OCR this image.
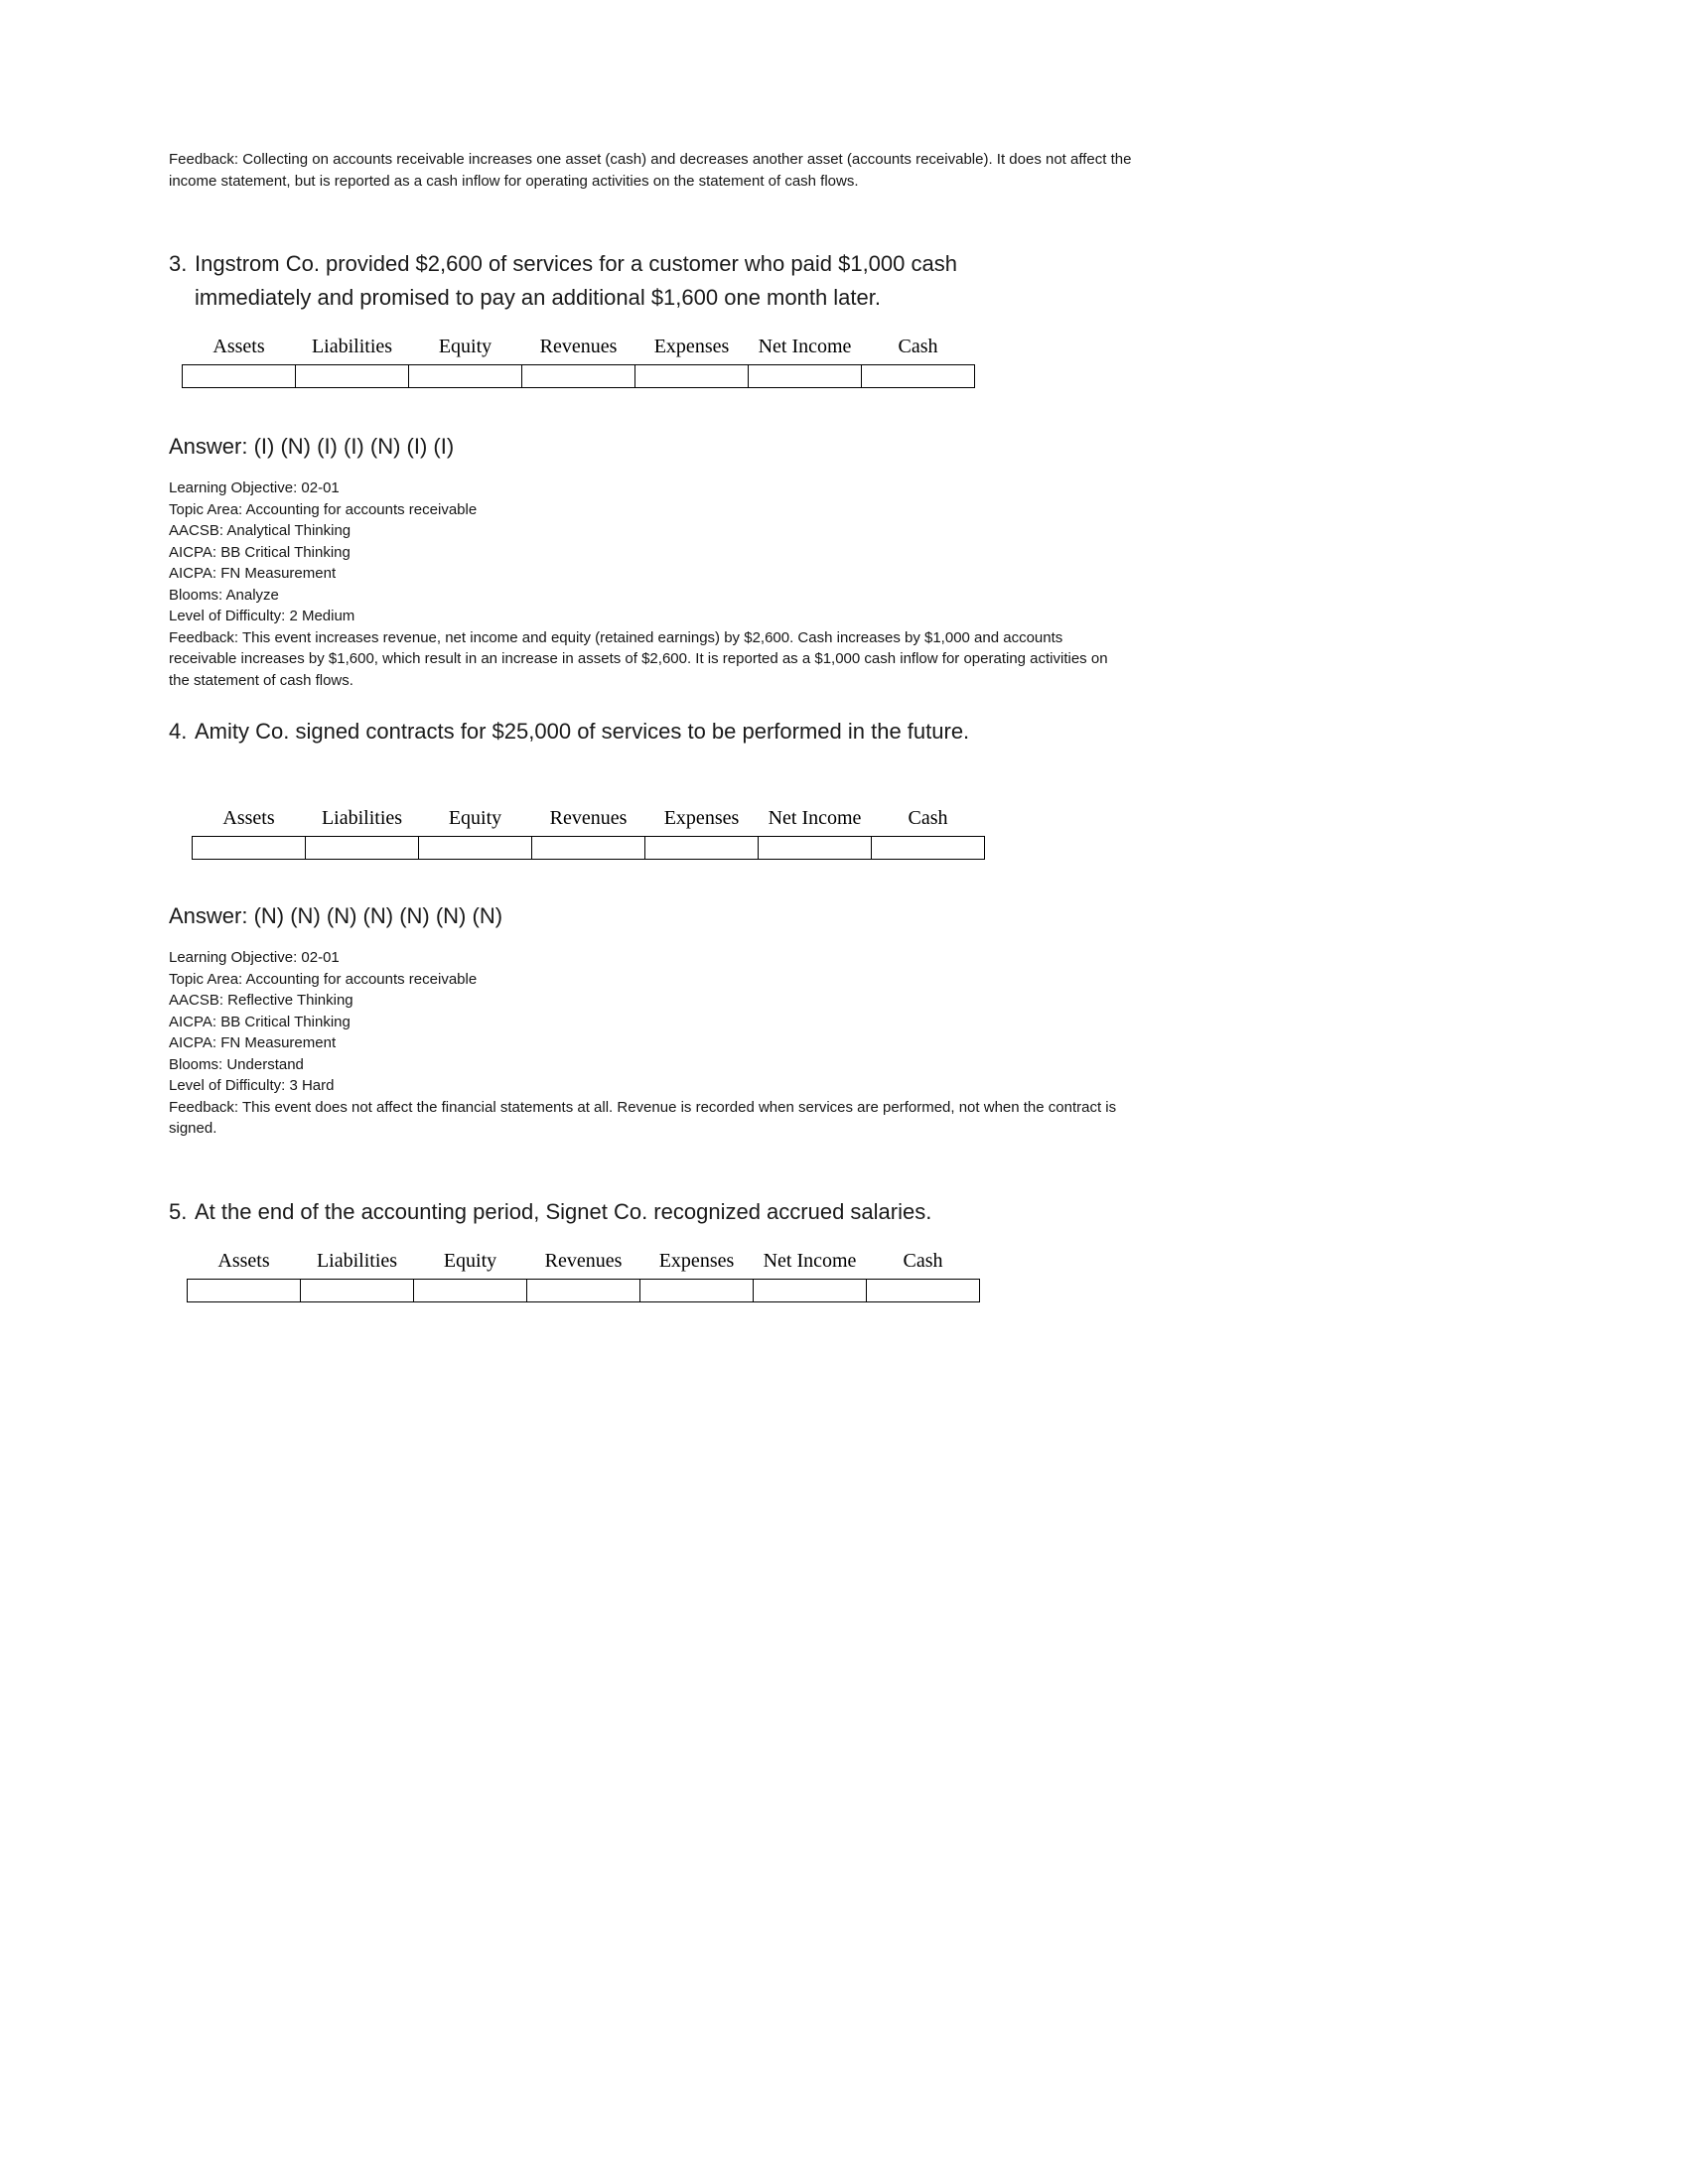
Feedback: Collecting on accounts receivable increases one asset (cash) and decreases another asset (accounts receivable). It does not affect the income statement, but is reported as a cash inflow for operating activities on the statement of cash flows.

3. Ingstrom Co. provided $2,600 of services for a customer who paid $1,000 cash immediately and promised to pay an additional $1,600 one month later.
Assets	Liabilities	Equity	Revenues	Expenses	Net Income	Cash

Answer: (I) (N) (I) (I) (N) (I) (I)

Learning Objective: 02-01
Topic Area: Accounting for accounts receivable
AACSB: Analytical Thinking
AICPA: BB Critical Thinking
AICPA: FN Measurement
Blooms: Analyze
Level of Difficulty: 2 Medium

Feedback: This event increases revenue, net income and equity (retained earnings) by $2,600. Cash increases by $1,000 and accounts receivable increases by $1,600, which result in an increase in assets of $2,600. It is reported as a $1,000 cash inflow for operating activities on the statement of cash flows.

4. Amity Co. signed contracts for $25,000 of services to be performed in the future.
Assets	Liabilities	Equity	Revenues	Expenses	Net Income	Cash

Answer: (N) (N) (N) (N) (N) (N) (N)

Learning Objective: 02-01
Topic Area: Accounting for accounts receivable
AACSB: Reflective Thinking
AICPA: BB Critical Thinking
AICPA: FN Measurement
Blooms: Understand
Level of Difficulty: 3 Hard

Feedback: This event does not affect the financial statements at all. Revenue is recorded when services are performed, not when the contract is signed.

5. At the end of the accounting period, Signet Co. recognized accrued salaries.
Assets	Liabilities	Equity	Revenues	Expenses	Net Income	Cash
